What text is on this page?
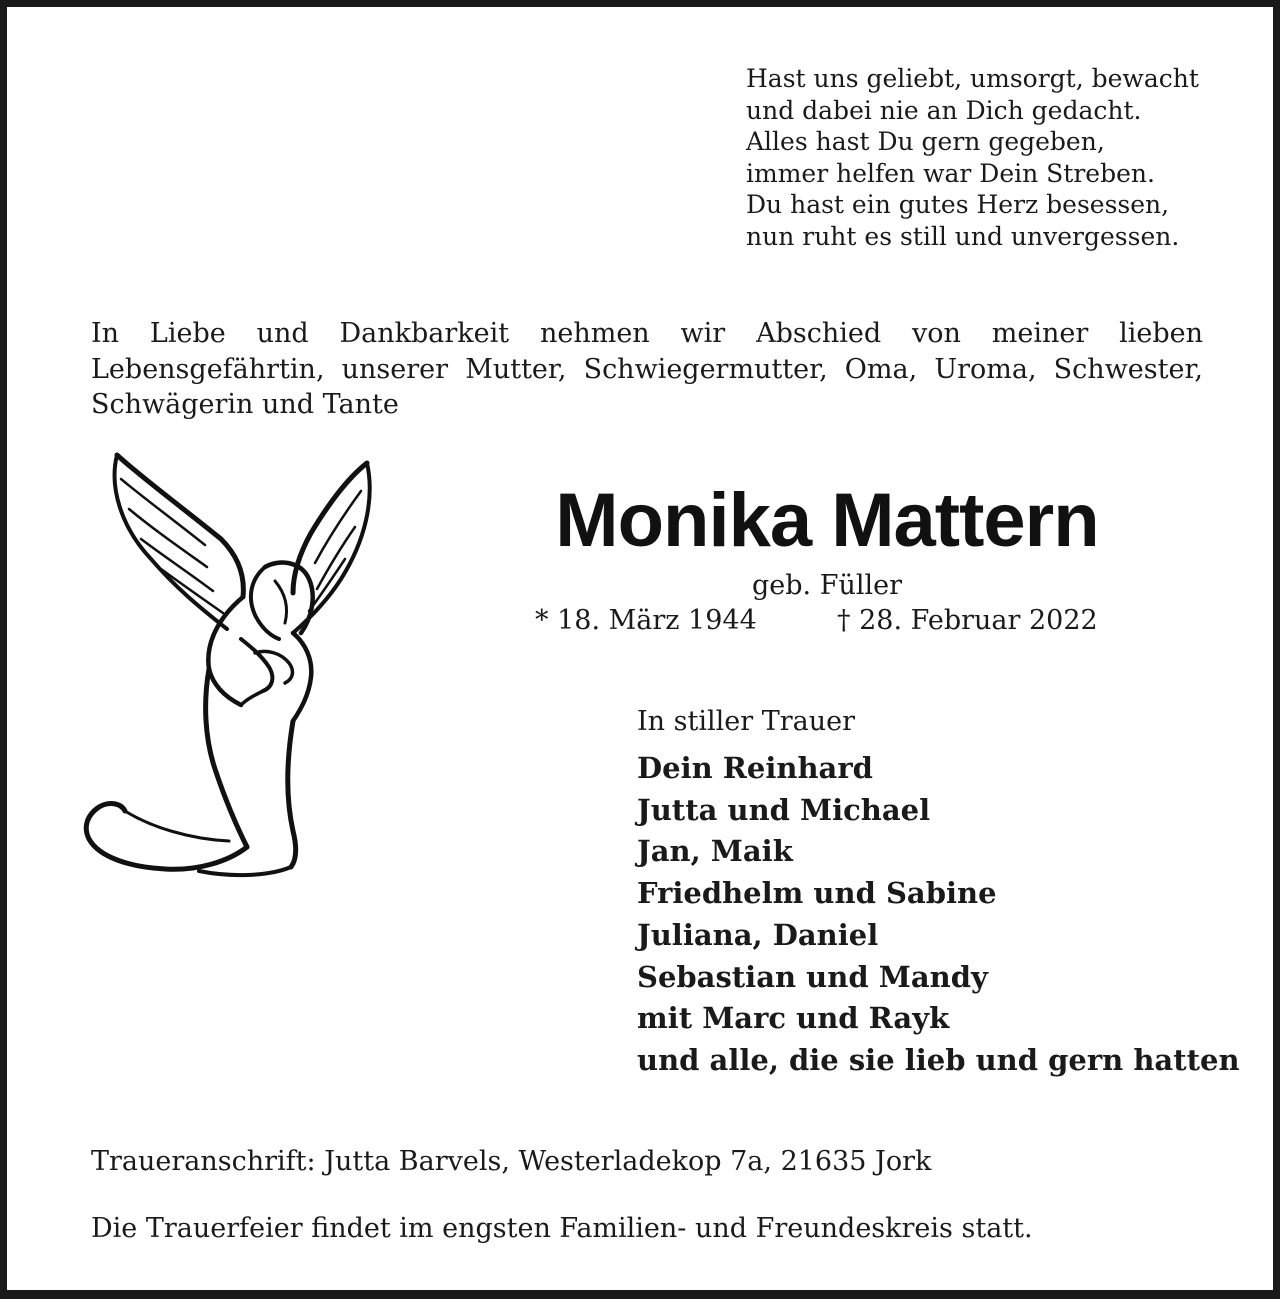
Hast uns geliebt, umsorgt, bewacht
und dabei nie an Dich gedacht.
Alles hast Du gern gegeben,
immer helfen war Dein Streben.
Du hast ein gutes Herz besessen,
nun ruht es still und unvergessen.
In Liebe und Dankbarkeit nehmen wir Abschied von meiner lieben Lebensgefährtin, unserer Mutter, Schwiegermutter, Oma, Uroma, Schwester, Schwägerin und Tante
Monika Mattern
geb. Füller
* 18. März 1944	† 28. Februar 2022
In stiller Trauer
Dein Reinhard
Jutta und Michael
Jan, Maik
Friedhelm und Sabine
Juliana, Daniel
Sebastian und Mandy
mit Marc und Rayk
und alle, die sie lieb und gern hatten
Traueranschrift: Jutta Barvels, Westerladekop 7a, 21635 Jork
Die Trauerfeier findet im engsten Familien- und Freundeskreis statt.
